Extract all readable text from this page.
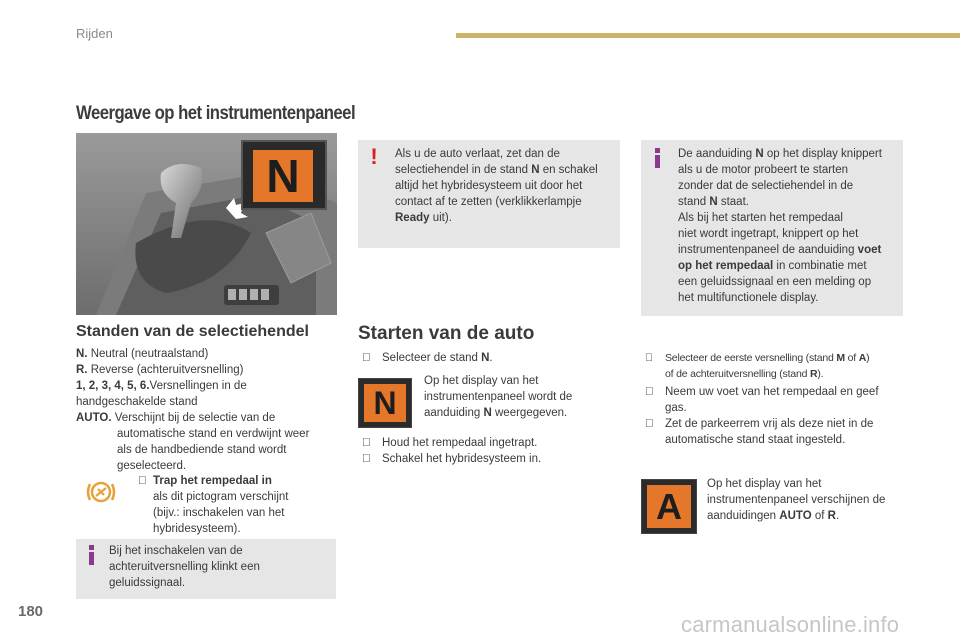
Rijden
Weergave op het instrumentenpaneel
N
Standen van de selectiehendel
N. Neutral (neutraalstand)
R. Reverse (achteruitversnelling)
1, 2, 3, 4, 5, 6.Versnellingen in de
handgeschakelde stand
AUTO. Verschijnt bij de selectie van de
automatische stand en verdwijnt weer
als de handbediende stand wordt
geselecteerd.
Trap het rempedaal in
als dit pictogram verschijnt
(bijv.: inschakelen van het
hybridesysteem).
Bij het inschakelen van de
achteruitversnelling klinkt een
geluidssignaal.
! Als u de auto verlaat, zet dan de
selectiehendel in de stand N en schakel
altijd het hybridesysteem uit door het
contact af te zetten (verklikkerlampje
Ready uit).
De aanduiding N op het display knippert
als u de motor probeert te starten
zonder dat de selectiehendel in de
stand N staat.
Als bij het starten het rempedaal
niet wordt ingetrapt, knippert op het
instrumentenpaneel de aanduiding voet
op het rempedaal in combinatie met
een geluidssignaal en een melding op
het multifunctionele display.
Starten van de auto
Selecteer de stand N.
N
Op het display van het
instrumentenpaneel wordt de
aanduiding N weergegeven.
Houd het rempedaal ingetrapt.
Schakel het hybridesysteem in.
Selecteer de eerste versnelling (stand M of A)
of de achteruitversnelling (stand R).
Neem uw voet van het rempedaal en geef
gas.
Zet de parkeerrem vrij als deze niet in de
automatische stand staat ingesteld.
A
Op het display van het
instrumentenpaneel verschijnen de
aanduidingen AUTO of R.
180
carmanualsonline.info
